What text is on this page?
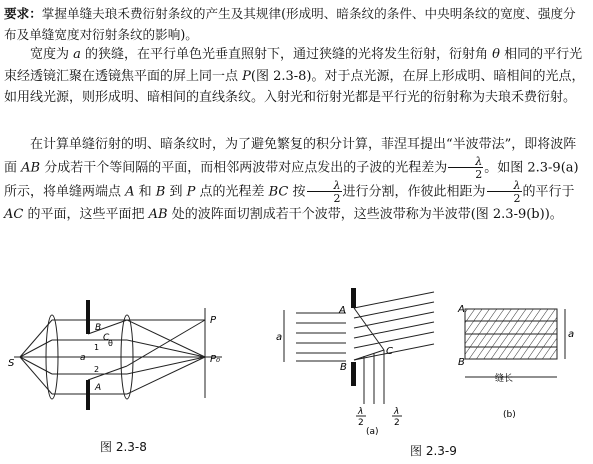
要求：掌握单缝夫琅禾费衍射条纹的产生及其规律(形成明、暗条纹的条件、中央明条纹的宽度、强度分布及单缝宽度对衍射条纹的影响)。

宽度为 a 的狭缝，在平行单色光垂直照射下，通过狭缝的光将发生衍射，衍射角 θ 相同的平行光束经透镜汇聚在透镜焦平面的屏上同一点 P(图 2.3-8)。对于点光源，在屏上形成明、暗相间的光点，如用线光源，则形成明、暗相间的直线条纹。入射光和衍射光都是平行光的衍射称为夫琅禾费衍射。

在计算单缝衍射的明、暗条纹时，为了避免繁复的积分计算，菲涅耳提出“半波带法”，即将波阵面 AB 分成若干个等间隔的平面，而相邻两波带对应点发出的子波的光程差为 $\frac{\lambda}{2}$ 。如图 2.3-9(a)所示，将单缝两端点 A 和 B 到 P 点的光程差 BC 按 $\frac{\lambda}{2}$ 进行分割，作彼此相距为 $\frac{\lambda}{2}$ 的平行于 AC 的平面，这些平面把 AB 处的波阵面切割成若干个波带，这些波带称为半波带(图 2.3-9(b))。

S	a
B
A
C
θ
1
2
P
P₀
图 2.3-8
A
B
C
a
λ
2
λ
2
(a)
A
B
a
缝长
(b)
图 2.3-9
